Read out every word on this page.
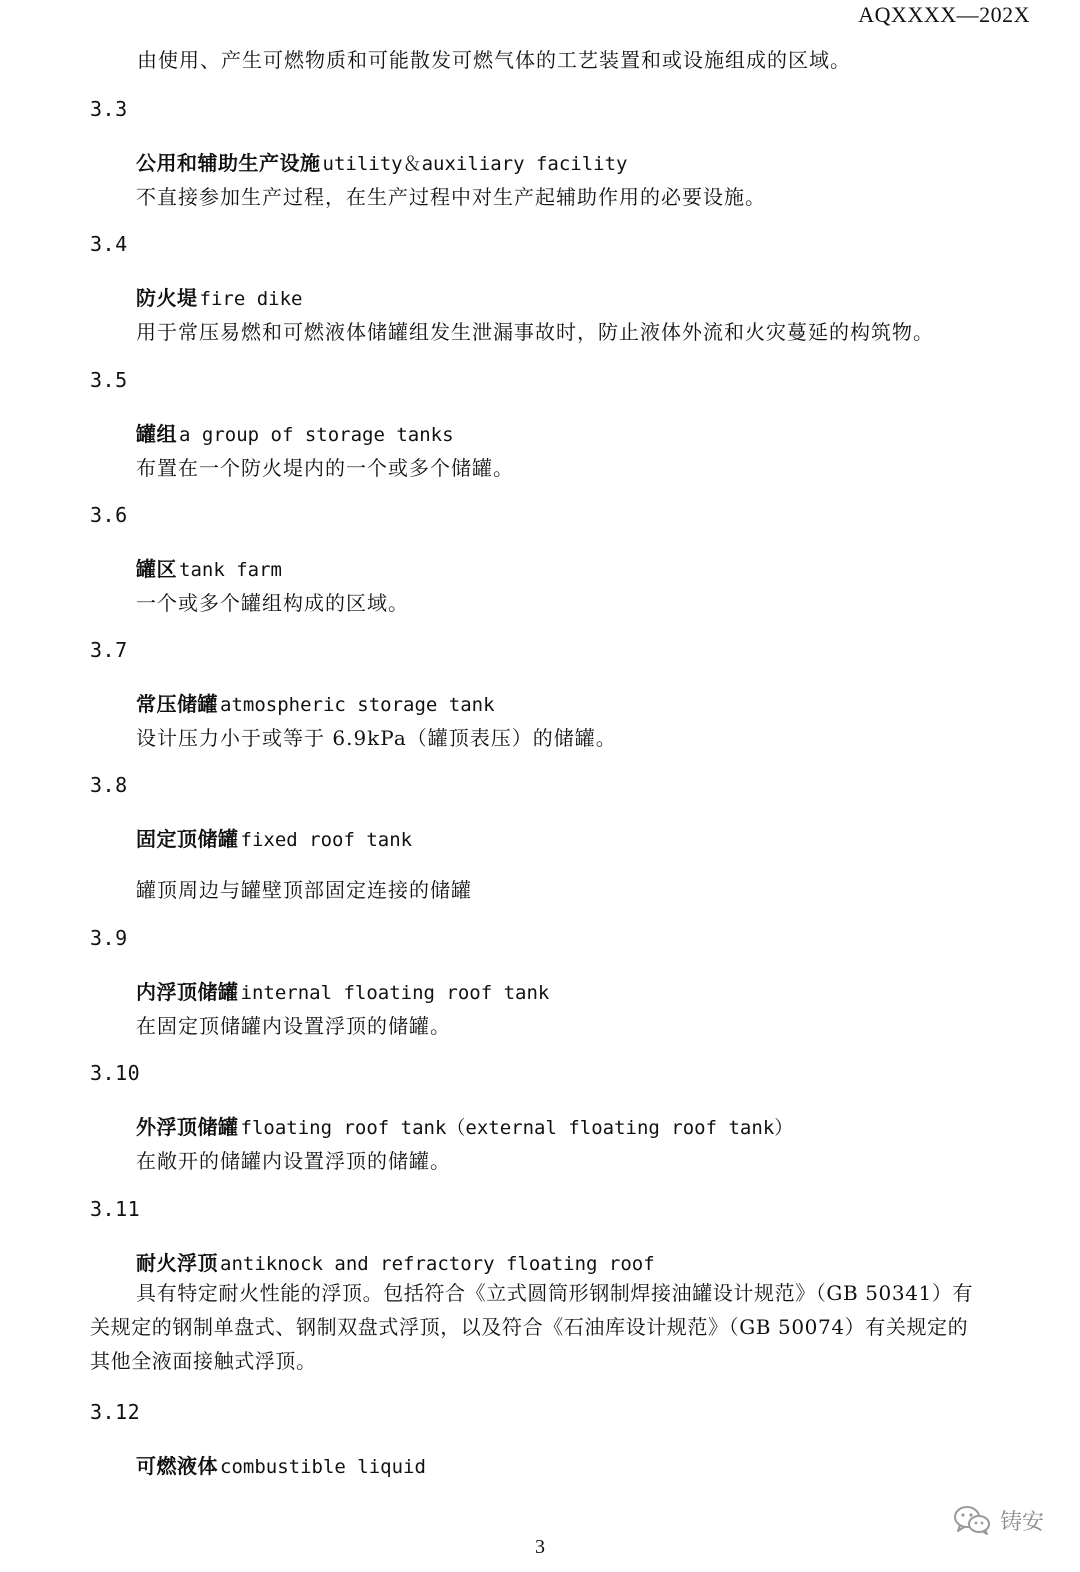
AQXXXX—202X
由使用、产生可燃物质和可能散发可燃气体的工艺装置和或设施组成的区域。
3.3
公用和辅助生产设施 utility＆auxiliary facility
不直接参加生产过程，在生产过程中对生产起辅助作用的必要设施。
3.4
防火堤 fire dike
用于常压易燃和可燃液体储罐组发生泄漏事故时，防止液体外流和火灾蔓延的构筑物。
3.5
罐组 a group of storage tanks
布置在一个防火堤内的一个或多个储罐。
3.6
罐区 tank farm
一个或多个罐组构成的区域。
3.7
常压储罐 atmospheric storage tank
设计压力小于或等于 6.9kPa（罐顶表压）的储罐。
3.8
固定顶储罐 fixed roof tank
罐顶周边与罐壁顶部固定连接的储罐
3.9
内浮顶储罐 internal floating roof tank
在固定顶储罐内设置浮顶的储罐。
3.10
外浮顶储罐 floating roof tank（external floating roof tank）
在敞开的储罐内设置浮顶的储罐。
3.11
耐火浮顶 antiknock and refractory floating roof
具有特定耐火性能的浮顶。包括符合《立式圆筒形钢制焊接油罐设计规范》（GB 50341）有
关规定的钢制单盘式、钢制双盘式浮顶，以及符合《石油库设计规范》（GB 50074）有关规定的
其他全液面接触式浮顶。
3.12
可燃液体 combustible liquid
铸安
3
